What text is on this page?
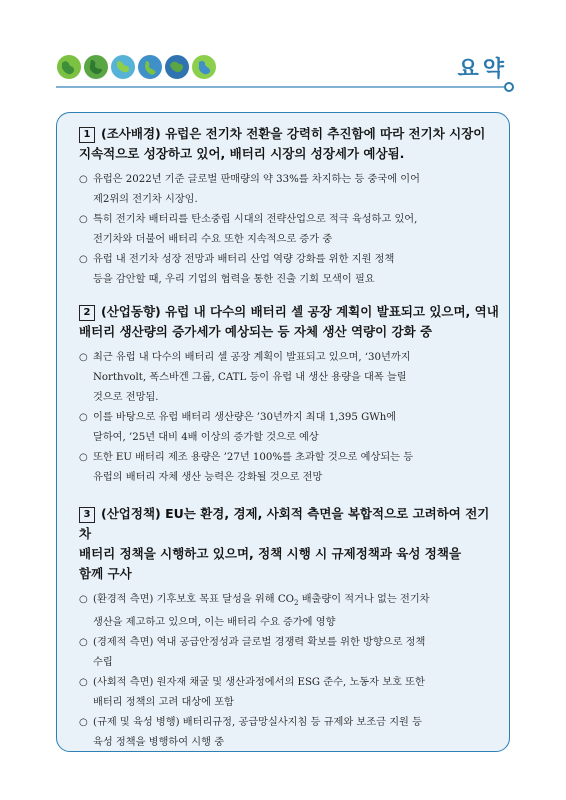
요약
1 (조사배경) 유럽은 전기차 전환을 강력히 추진함에 따라 전기차 시장이
지속적으로 성장하고 있어, 배터리 시장의 성장세가 예상됨.
○ 유럽은 2022년 기준 글로벌 판매량의 약 33%를 차지하는 등 중국에 이어
제2위의 전기차 시장임.
○ 특히 전기차 배터리를 탄소중립 시대의 전략산업으로 적극 육성하고 있어,
전기차와 더불어 배터리 수요 또한 지속적으로 증가 중
○ 유럽 내 전기차 성장 전망과 배터리 산업 역량 강화를 위한 지원 정책
등을 감안할 때, 우리 기업의 협력을 통한 진출 기회 모색이 필요
2 (산업동향) 유럽 내 다수의 배터리 셀 공장 계획이 발표되고 있으며, 역내
배터리 생산량의 증가세가 예상되는 등 자체 생산 역량이 강화 중
○ 최근 유럽 내 다수의 배터리 셀 공장 계획이 발표되고 있으며, ‘30년까지
Northvolt, 폭스바겐 그룹, CATL 등이 유럽 내 생산 용량을 대폭 늘릴
것으로 전망됨.
○ 이를 바탕으로 유럽 배터리 생산량은 ’30년까지 최대 1,395 GWh에
달하여, ’25년 대비 4배 이상의 증가할 것으로 예상
○ 또한 EU 배터리 제조 용량은 ’27년 100%를 초과할 것으로 예상되는 등
유럽의 배터리 자체 생산 능력은 강화될 것으로 전망
3 (산업정책) EU는 환경, 경제, 사회적 측면을 복합적으로 고려하여 전기차
배터리 정책을 시행하고 있으며, 정책 시행 시 규제정책과 육성 정책을
함께 구사
○ (환경적 측면) 기후보호 목표 달성을 위해 $CO_2$ 배출량이 적거나 없는 전기차
생산을 제고하고 있으며, 이는 배터리 수요 증가에 영향
○ (경제적 측면) 역내 공급안정성과 글로벌 경쟁력 확보를 위한 방향으로 정책
수립
○ (사회적 측면) 원자재 채굴 및 생산과정에서의 ESG 준수, 노동자 보호 또한
배터리 정책의 고려 대상에 포함
○ (규제 및 육성 병행) 배터리규정, 공급망실사지침 등 규제와 보조금 지원 등
육성 정책을 병행하여 시행 중
